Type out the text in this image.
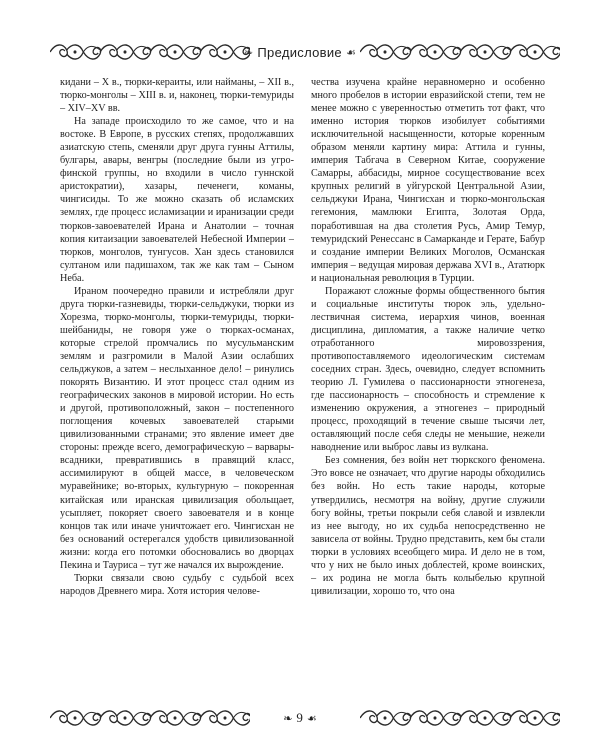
❧ Предисловие ☙

кидани – X в., тюрки-кераиты, или найманы, – XII в., тюрко-монголы – XIII в. и, наконец, тюрки-темуриды – XIV–XV вв.

На западе происходило то же самое, что и на востоке. В Европе, в русских степях, продолжавших азиатскую степь, сменяли друг друга гунны Аттилы, булгары, авары, венгры (последние были из угро-финской группы, но входили в число гуннской аристократии), хазары, печенеги, команы, чингисиды. То же можно сказать об исламских землях, где процесс исламизации и иранизации среди тюрков-завоевателей Ирана и Анатолии – точная копия китаизации завоевателей Небесной Империи – тюрков, монголов, тунгусов. Хан здесь становился султаном или падишахом, так же как там – Сыном Неба.

Ираном поочередно правили и истребляли друг друга тюрки-газневиды, тюрки-сельджуки, тюрки из Хорезма, тюрко-монголы, тюрки-темуриды, тюрки-шейбаниды, не говоря уже о тюрках-османах, которые стрелой промчались по мусульманским землям и разгромили в Малой Азии ослабших сельджуков, а затем – неслыханное дело! – ринулись покорять Византию. И этот процесс стал одним из географических законов в мировой истории. Но есть и другой, противоположный, закон – постепенного поглощения кочевых завоевателей старыми цивилизованными странами; это явление имеет две стороны: прежде всего, демографическую – варвары-всадники, превратившись в правящий класс, ассимилируют в общей массе, в человеческом муравейнике; во-вторых, культурную – покоренная китайская или иранская цивилизация обольщает, усыпляет, покоряет своего завоевателя и в конце концов так или иначе уничтожает его. Чингисхан не без оснований остерегался удобств цивилизованной жизни: когда его потомки обосновались во дворцах Пекина и Тауриса – тут же начался их вырождение.

Тюрки связали свою судьбу с судьбой всех народов Древнего мира. Хотя история челове-

чества изучена крайне неравномерно и особенно много пробелов в истории евразийской степи, тем не менее можно с уверенностью отметить тот факт, что именно история тюрков изобилует событиями исключительной насыщенности, которые коренным образом меняли картину мира: Аттила и гунны, империя Табгача в Северном Китае, сооружение Самарры, аббасиды, мирное сосуществование всех крупных религий в уйгурской Центральной Азии, сельджуки Ирана, Чингисхан и тюрко-монгольская гегемония, мамлюки Египта, Золотая Орда, поработившая на два столетия Русь, Амир Темур, темуридский Ренессанс в Самарканде и Герате, Бабур и создание империи Великих Моголов, Османская империя – ведущая мировая держава XVI в., Ататюрк и национальная революция в Турции.

Поражают сложные формы общественного бытия и социальные институты тюрок эль, удельно-лествичная система, иерархия чинов, военная дисциплина, дипломатия, а также наличие четко отработанного мировоззрения, противопоставляемого идеологическим системам соседних стран. Здесь, очевидно, следует вспомнить теорию Л. Гумилева о пассионарности этногенеза, где пассионарность – способность и стремление к изменению окружения, а этногенез – природный процесс, проходящий в течение свыше тысячи лет, оставляющий после себя следы не меньшие, нежели наводнение или выброс лавы из вулкана.

Без сомнения, без войн нет тюркского феномена. Это вовсе не означает, что другие народы обходились без войн. Но есть такие народы, которые утвердились, несмотря на войну, другие служили богу войны, третьи покрыли себя славой и извлекли из нее выгоду, но их судьба непосредственно не зависела от войны. Трудно представить, кем бы стали тюрки в условиях всеобщего мира. И дело не в том, что у них не было иных доблестей, кроме воинских, – их родина не могла быть колыбелью крупной цивилизации, хорошо то, что она

❧ 9 ☙
